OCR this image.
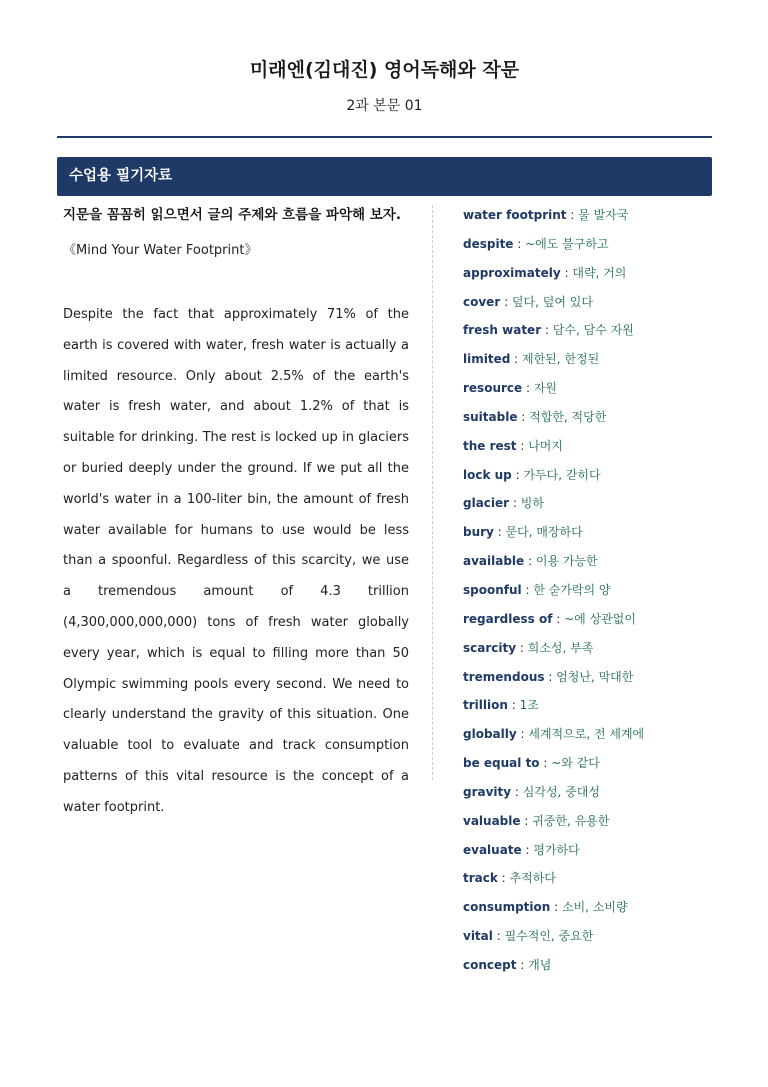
미래엔(김대진) 영어독해와 작문
2과 본문 01
수업용 필기자료

지문을 꼼꼼히 읽으면서 글의 주제와 흐름을 파악해 보자.

《Mind Your Water Footprint》
Despite the fact that approximately 71% of the earth is covered with water, fresh water is actually a limited resource. Only about 2.5% of the earth's water is fresh water, and about 1.2% of that is suitable for drinking. The rest is locked up in glaciers or buried deeply under the ground. If we put all the world's water in a 100-liter bin, the amount of fresh water available for humans to use would be less than a spoonful. Regardless of this scarcity, we use a tremendous amount of 4.3 trillion (4,300,000,000,000) tons of fresh water globally every year, which is equal to filling more than 50 Olympic swimming pools every second. We need to clearly understand the gravity of this situation. One valuable tool to evaluate and track consumption patterns of this vital resource is the concept of a water footprint.
water footprint : 물 발자국
despite : ~에도 불구하고
approximately : 대략, 거의
cover : 덮다, 덮여 있다
fresh water : 담수, 담수 자원
limited : 제한된, 한정된
resource : 자원
suitable : 적합한, 적당한
the rest : 나머지
lock up : 가두다, 갇히다
glacier : 빙하
bury : 묻다, 매장하다
available : 이용 가능한
spoonful : 한 숟가락의 양
regardless of : ~에 상관없이
scarcity : 희소성, 부족
tremendous : 엄청난, 막대한
trillion : 1조
globally : 세계적으로, 전 세계에
be equal to : ~와 같다
gravity : 심각성, 중대성
valuable : 귀중한, 유용한
evaluate : 평가하다
track : 추적하다
consumption : 소비, 소비량
vital : 필수적인, 중요한
concept : 개념
